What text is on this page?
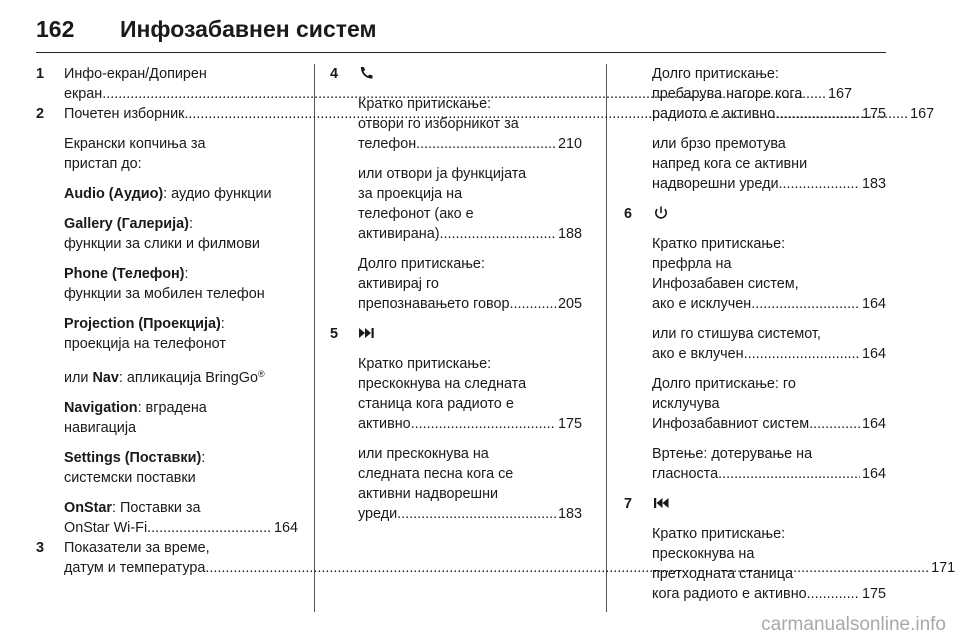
162 Инфозабавнен систем
1	Инфо-екран/Допирен
екран .....	167
2	Почетен изборник .....	167
Екрански копчиња за
пристап до:
Audio (Аудио): аудио функции
Gallery (Галерија):
функции за слики и филмови
Phone (Телефон):
функции за мобилен телефон
Projection (Проекција):
проекција на телефонот
или Nav: апликација BringGo®
Navigation: вградена
навигација
Settings (Поставки):
системски поставки
OnStar: Поставки за
OnStar Wi-Fi .....	164
3	Показатели за време,
датум и температура .....	171
4
Кратко притискање:
отвори го изборникот за
телефон .....	210
или отвори ја функцијата
за проекција на
телефонот (ако е
активирана) .....	188
Долго притискање:
активирај го
препознавањето говор .....	205
5
Кратко притискање:
прескокнува на следната
станица кога радиото е
активно .....	175
или прескокнува на
следната песна кога се
активни надворешни
уреди .....	183
Долго притискање:
пребарува нагоре кога
радиото е активно .....	175
или брзо премотува
напред кога се активни
надворешни уреди .....	183
6
Кратко притискање:
префрла на
Инфозабавен систем,
ако е исклучен .....	164
или го стишува системот,
ако е вклучен .....	164
Долго притискање: го
исклучува
Инфозабавниот систем .....	164
Вртење: дотерување на
гласноста .....	164
7
Кратко притискање:
прескокнува на
претходната станица
кога радиото е активно .....	175
carmanualsonline.info
